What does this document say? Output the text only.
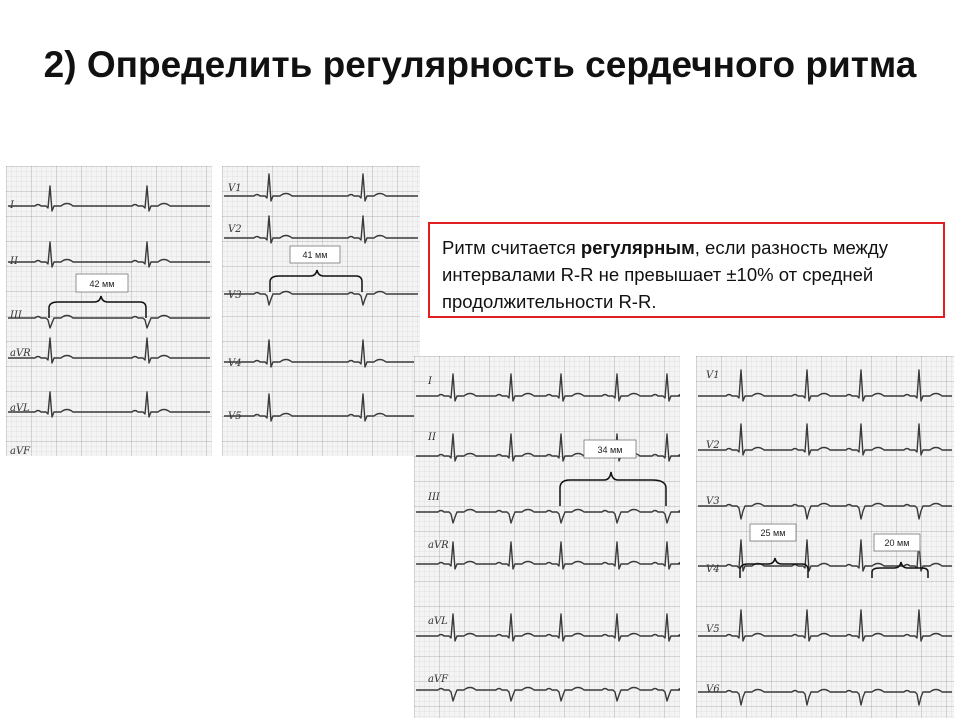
2) Определить регулярность сердечного ритма
I
II
III
aVR
aVL
aVF
42 мм
V1
V2
V3
V4
V5
41 мм
I
II
III
aVR
aVL
aVF
34 мм
V1
V2
V3
V4
V5
V6
25 мм
20 мм
Ритм считается регулярным, если разность между интервалами R-R не превышает ±10% от средней продолжительности R-R.
